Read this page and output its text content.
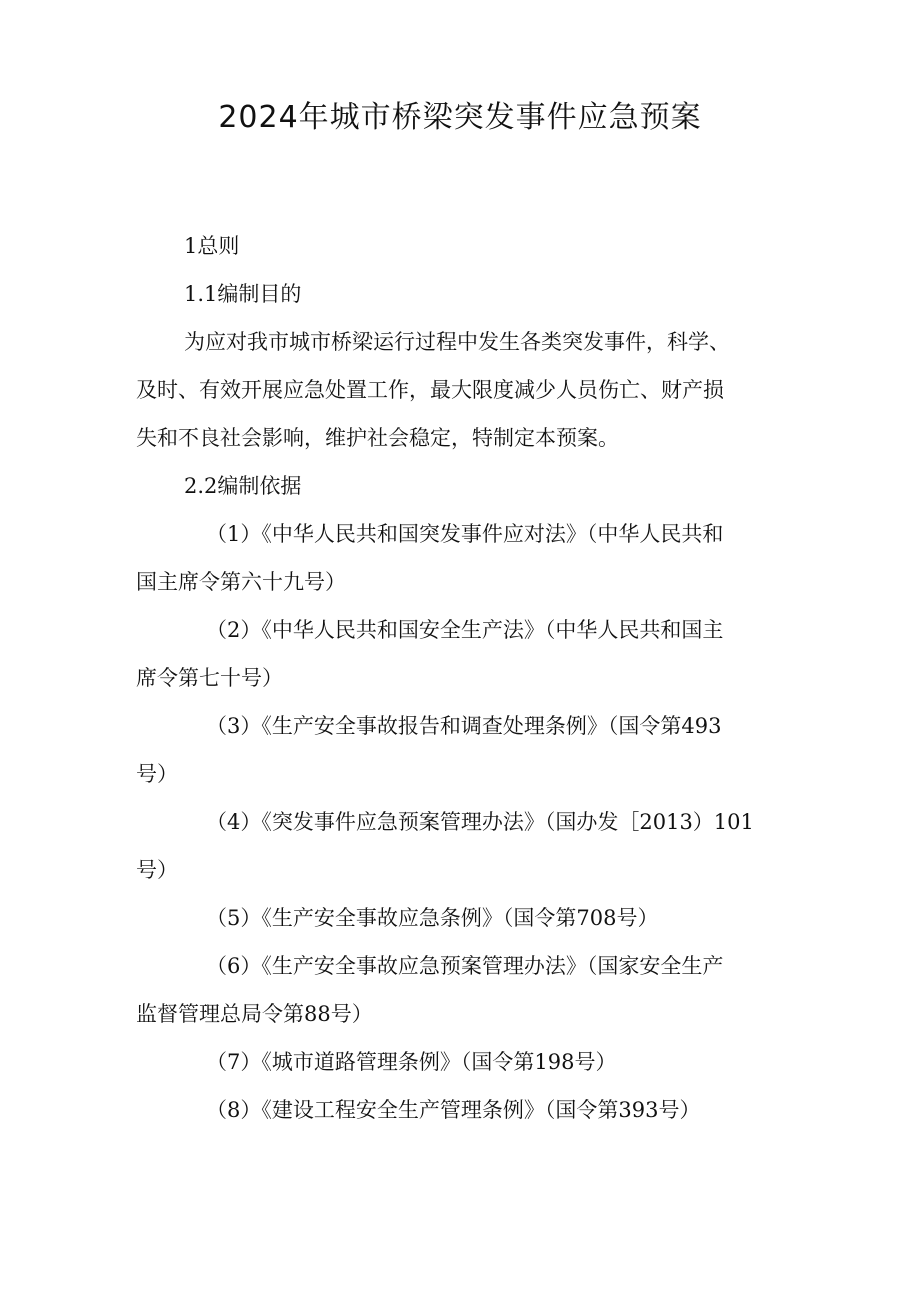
2024年城市桥梁突发事件应急预案
1总则
1.1编制目的
为应对我市城市桥梁运行过程中发生各类突发事件，科学、
及时、有效开展应急处置工作，最大限度减少人员伤亡、财产损
失和不良社会影响，维护社会稳定，特制定本预案。
2.2编制依据
（1）《中华人民共和国突发事件应对法》（中华人民共和
国主席令第六十九号）
（2）《中华人民共和国安全生产法》（中华人民共和国主
席令第七十号）
（3）《生产安全事故报告和调查处理条例》（国令第493
号）
（4）《突发事件应急预案管理办法》（国办发［2013）101
号）
（5）《生产安全事故应急条例》（国令第708号）
（6）《生产安全事故应急预案管理办法》（国家安全生产
监督管理总局令第88号）
（7）《城市道路管理条例》（国令第198号）
（8）《建设工程安全生产管理条例》（国令第393号）
